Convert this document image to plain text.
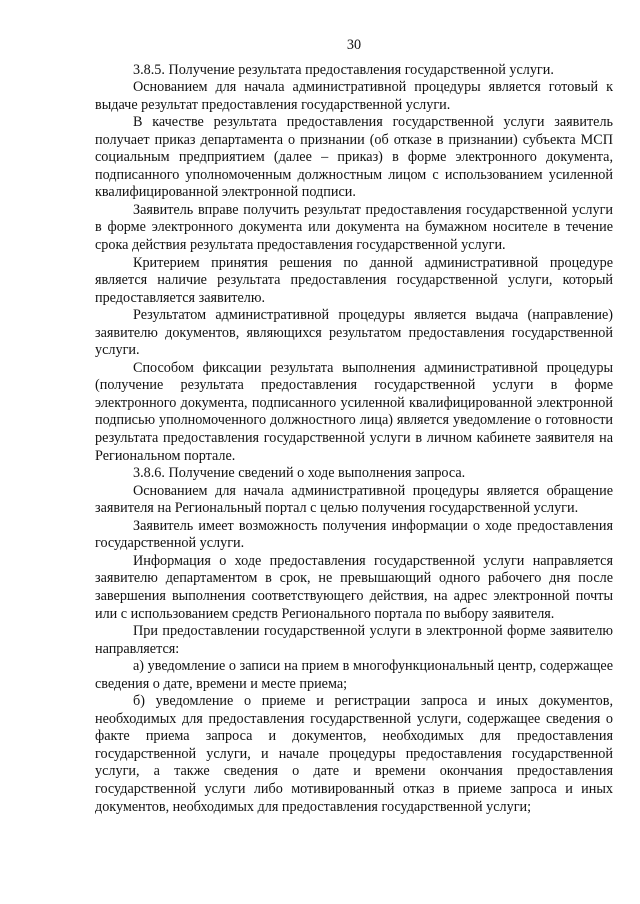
30

3.8.5. Получение результата предоставления государственной услуги.

Основанием для начала административной процедуры является готовый к выдаче результат предоставления государственной услуги.

В качестве результата предоставления государственной услуги заявитель получает приказ департамента о признании (об отказе в признании) субъекта МСП социальным предприятием (далее – приказ) в форме электронного документа, подписанного уполномоченным должностным лицом с использованием усиленной квалифицированной электронной подписи.

Заявитель вправе получить результат предоставления государственной услуги в форме электронного документа или документа на бумажном носителе в течение срока действия результата предоставления государственной услуги.

Критерием принятия решения по данной административной процедуре является наличие результата предоставления государственной услуги, который предоставляется заявителю.

Результатом административной процедуры является выдача (направление) заявителю документов, являющихся результатом предоставления государственной услуги.

Способом фиксации результата выполнения административной процедуры (получение результата предоставления государственной услуги в форме электронного документа, подписанного усиленной квалифицированной электронной подписью уполномоченного должностного лица) является уведомление о готовности результата предоставления государственной услуги в личном кабинете заявителя на Региональном портале.

3.8.6. Получение сведений о ходе выполнения запроса.

Основанием для начала административной процедуры является обращение заявителя на Региональный портал с целью получения государственной услуги.

Заявитель имеет возможность получения информации о ходе предоставления государственной услуги.

Информация о ходе предоставления государственной услуги направляется заявителю департаментом в срок, не превышающий одного рабочего дня после завершения выполнения соответствующего действия, на адрес электронной почты или с использованием средств Регионального портала по выбору заявителя.

При предоставлении государственной услуги в электронной форме заявителю направляется:

а) уведомление о записи на прием в многофункциональный центр, содержащее сведения о дате, времени и месте приема;

б) уведомление о приеме и регистрации запроса и иных документов, необходимых для предоставления государственной услуги, содержащее сведения о факте приема запроса и документов, необходимых для предоставления государственной услуги, и начале процедуры предоставления государственной услуги, а также сведения о дате и времени окончания предоставления государственной услуги либо мотивированный отказ в приеме запроса и иных документов, необходимых для предоставления государственной услуги;
